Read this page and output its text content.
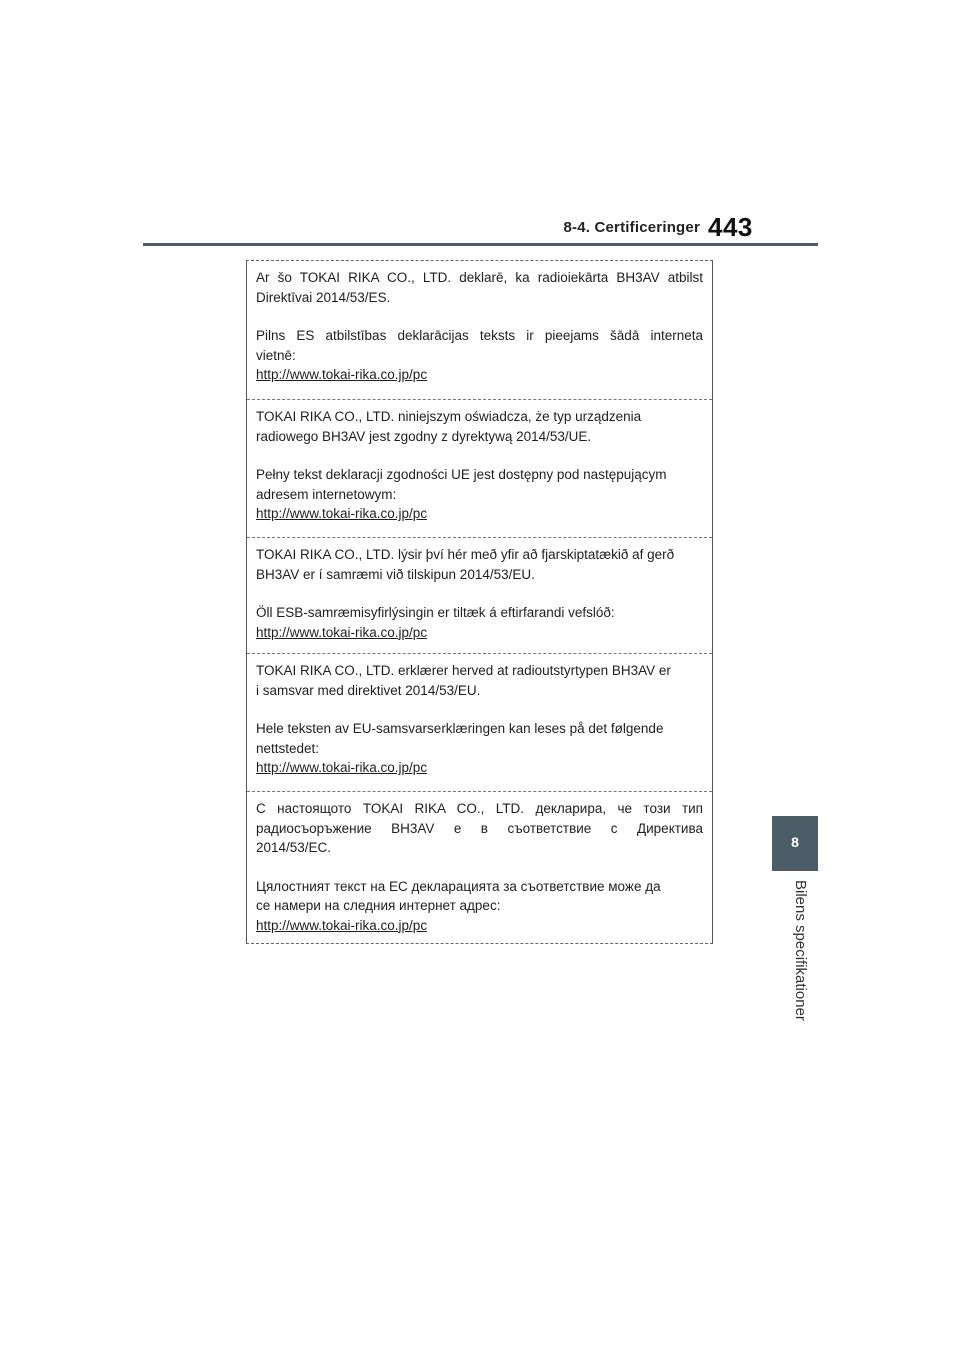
8-4. Certificeringer 443
8
Bilens specifikationer

Ar šo TOKAI RIKA CO., LTD. deklarē, ka radioiekārta BH3AV atbilst

Direktīvai 2014/53/ES.

Pilns ES atbilstības deklarācijas teksts ir pieejams šādā interneta

vietnē:

http://www.tokai-rika.co.jp/pc

TOKAI RIKA CO., LTD. niniejszym oświadcza, że typ urządzenia

radiowego BH3AV jest zgodny z dyrektywą 2014/53/UE.

Pełny tekst deklaracji zgodności UE jest dostępny pod następującym

adresem internetowym:

http://www.tokai-rika.co.jp/pc

TOKAI RIKA CO., LTD. lýsir því hér með yfir að fjarskiptatækið af gerð

BH3AV er í samræmi við tilskipun 2014/53/EU.

Öll ESB-samræmisyfirlýsingin er tiltæk á eftirfarandi vefslóð:

http://www.tokai-rika.co.jp/pc

TOKAI RIKA CO., LTD. erklærer herved at radioutstyrtypen BH3AV er

i samsvar med direktivet 2014/53/EU.

Hele teksten av EU-samsvarserklæringen kan leses på det følgende

nettstedet:

http://www.tokai-rika.co.jp/pc

С настоящото TOKAI RIKA CO., LTD. декларира, че този тип

радиосъоръжение BH3AV е в съответствие с Директива

2014/53/ЕС.

Цялостният текст на ЕС декларацията за съответствие може да

се намери на следния интернет адрес:

http://www.tokai-rika.co.jp/pc
